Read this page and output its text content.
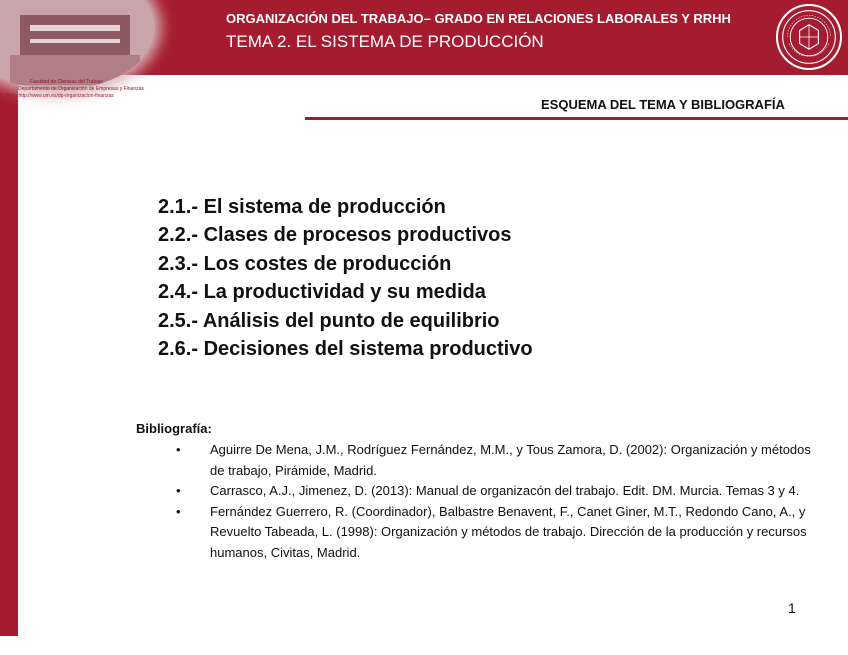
Facultad de Ciencias del Trabajo
Departamento de Organización de Empresas y Finanzas
P. Web: http://www.um.es/dp-organizacion-finanzas
ORGANIZACIÓN DEL TRABAJO– GRADO EN RELACIONES LABORALES Y RRHH
TEMA 2. EL SISTEMA DE PRODUCCIÓN
ESQUEMA DEL TEMA Y BIBLIOGRAFÍA
2.1.- El sistema de producción
2.2.- Clases de procesos productivos
2.3.- Los costes de producción
2.4.- La productividad y su medida
2.5.- Análisis del punto de equilibrio
2.6.- Decisiones del sistema productivo
Bibliografía:
• Aguirre De Mena, J.M., Rodríguez Fernández, M.M., y Tous Zamora, D. (2002): Organización y métodos de trabajo, Pirámide, Madrid.
• Carrasco, A.J., Jimenez, D. (2013): Manual de organizacón del trabajo. Edit. DM. Murcia. Temas 3 y 4.
• Fernández Guerrero, R. (Coordinador), Balbastre Benavent, F., Canet Giner, M.T., Redondo Cano, A., y Revuelto Tabeada, L. (1998): Organización y métodos de trabajo. Dirección de la producción y recursos humanos, Civitas, Madrid.
1
